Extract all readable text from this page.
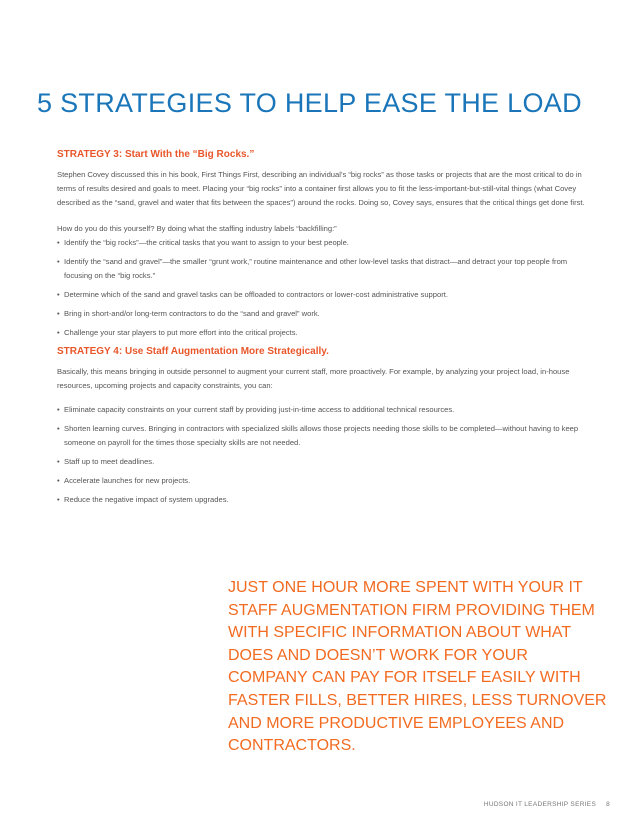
5 STRATEGIES TO HELP EASE THE LOAD
STRATEGY 3: Start With the “Big Rocks.”

Stephen Covey discussed this in his book, First Things First, describing an individual’s “big rocks” as those tasks or projects that are the most critical to do in terms of results desired and goals to meet. Placing your “big rocks” into a container first allows you to fit the less-important-but-still-vital things (what Covey described as the “sand, gravel and water that fits between the spaces”) around the rocks. Doing so, Covey says, ensures that the critical things get done first.

How do you do this yourself? By doing what the staffing industry labels “backfilling:”

• Identify the “big rocks”—the critical tasks that you want to assign to your best people.
• Identify the “sand and gravel”—the smaller “grunt work,” routine maintenance and other low-level tasks that distract—and detract your top people from focusing on the “big rocks.”
• Determine which of the sand and gravel tasks can be offloaded to contractors or lower-cost administrative support.
• Bring in short-and/or long-term contractors to do the “sand and gravel” work.
• Challenge your star players to put more effort into the critical projects.
STRATEGY 4: Use Staff Augmentation More Strategically.

Basically, this means bringing in outside personnel to augment your current staff, more proactively. For example, by analyzing your project load, in-house resources, upcoming projects and capacity constraints, you can:

• Eliminate capacity constraints on your current staff by providing just-in-time access to additional technical resources.
• Shorten learning curves. Bringing in contractors with specialized skills allows those projects needing those skills to be completed—without having to keep someone on payroll for the times those specialty skills are not needed.
• Staff up to meet deadlines.
• Accelerate launches for new projects.
• Reduce the negative impact of system upgrades.

JUST ONE HOUR MORE SPENT WITH YOUR IT STAFF AUGMENTATION FIRM PROVIDING THEM WITH SPECIFIC INFORMATION ABOUT WHAT DOES AND DOESN’T WORK FOR YOUR COMPANY CAN PAY FOR ITSELF EASILY WITH FASTER FILLS, BETTER HIRES, LESS TURNOVER AND MORE PRODUCTIVE EMPLOYEES AND CONTRACTORS.

HUDSON IT LEADERSHIP SERIES 8
